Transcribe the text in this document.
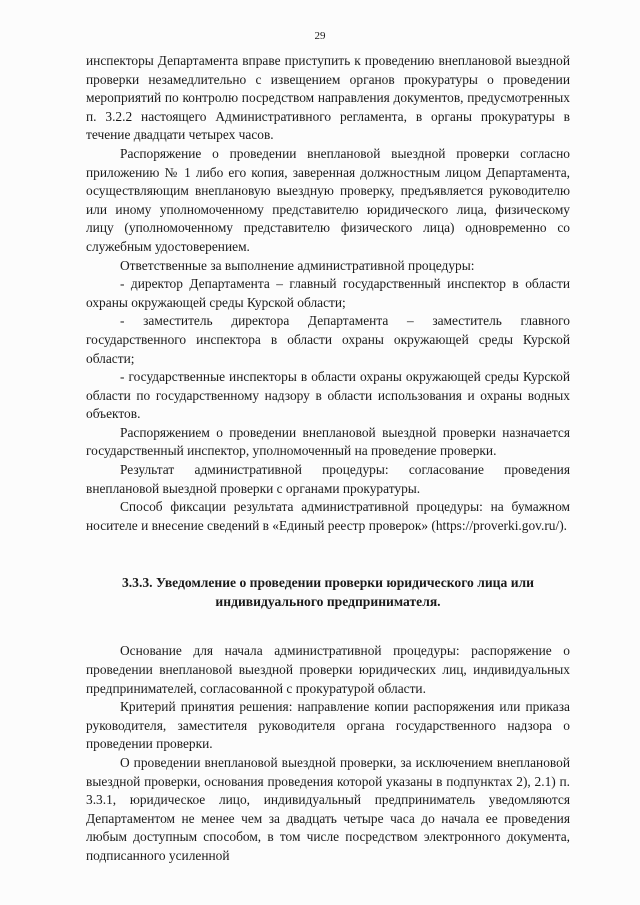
29

инспекторы Департамента вправе приступить к проведению внеплановой выездной проверки незамедлительно с извещением органов прокуратуры о проведении мероприятий по контролю посредством направления документов, предусмотренных п. 3.2.2 настоящего Административного регламента, в органы прокуратуры в течение двадцати четырех часов.

Распоряжение о проведении внеплановой выездной проверки согласно приложению № 1 либо его копия, заверенная должностным лицом Департамента, осуществляющим внеплановую выездную проверку, предъявляется руководителю или иному уполномоченному представителю юридического лица, физическому лицу (уполномоченному представителю физического лица) одновременно со служебным удостоверением.

Ответственные за выполнение административной процедуры:

- директор Департамента – главный государственный инспектор в области охраны окружающей среды Курской области;

- заместитель директора Департамента – заместитель главного государственного инспектора в области охраны окружающей среды Курской области;

- государственные инспекторы в области охраны окружающей среды Курской области по государственному надзору в области использования и охраны водных объектов.

Распоряжением о проведении внеплановой выездной проверки назначается государственный инспектор, уполномоченный на проведение проверки.

Результат административной процедуры: согласование проведения внеплановой выездной проверки с органами прокуратуры.

Способ фиксации результата административной процедуры: на бумажном носителе и внесение сведений в «Единый реестр проверок» (https://proverki.gov.ru/).

3.3.3. Уведомление о проведении проверки юридического лица или индивидуального предпринимателя.

Основание для начала административной процедуры: распоряжение о проведении внеплановой выездной проверки юридических лиц, индивидуальных предпринимателей, согласованной с прокуратурой области.

Критерий принятия решения: направление копии распоряжения или приказа руководителя, заместителя руководителя органа государственного надзора о проведении проверки.

О проведении внеплановой выездной проверки, за исключением внеплановой выездной проверки, основания проведения которой указаны в подпунктах 2), 2.1) п. 3.3.1, юридическое лицо, индивидуальный предприниматель уведомляются Департаментом не менее чем за двадцать четыре часа до начала ее проведения любым доступным способом, в том числе посредством электронного документа, подписанного усиленной
